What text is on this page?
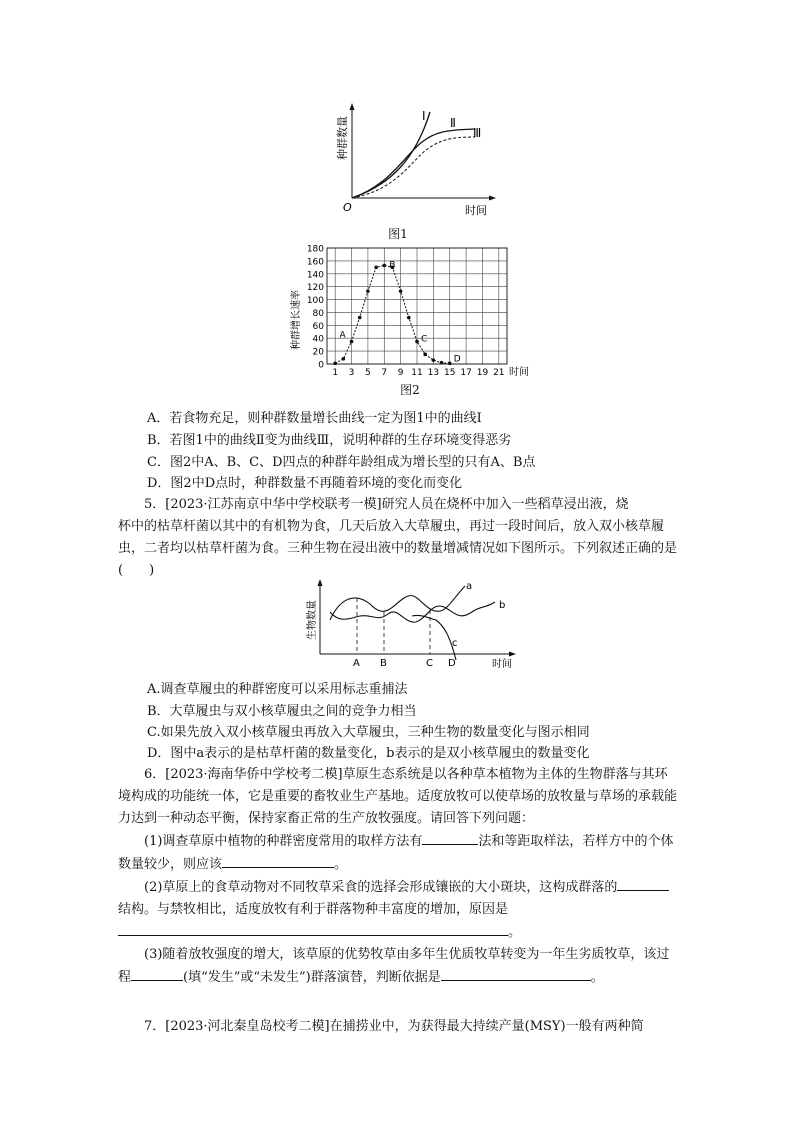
Ⅰ Ⅱ
Ⅲ
O	时间
种群数量
图1
0
20
40
60
80
100
120
140
160
180
1 3 5 7 9 11 13 15 17 19 21
A
B
C
D
时间
种群增长速率
图2
A．若食物充足，则种群数量增长曲线一定为图1中的曲线Ⅰ
B．若图1中的曲线Ⅱ变为曲线Ⅲ，说明种群的生存环境变得恶劣
C．图2中A、B、C、D四点的种群年龄组成为增长型的只有A、B点
D．图2中D点时，种群数量不再随着环境的变化而变化

5．[2023·江苏南京中华中学校联考一模]研究人员在烧杯中加入一些稻草浸出液，烧

杯中的枯草杆菌以其中的有机物为食，几天后放入大草履虫，再过一段时间后，放入双小核草履虫，二者均以枯草杆菌为食。三种生物在浸出液中的数量增减情况如下图所示。下列叙述正确的是(　　)

a
b
c
A B	C D	时间
生物数量
A.调查草履虫的种群密度可以采用标志重捕法
B．大草履虫与双小核草履虫之间的竞争力相当
C.如果先放入双小核草履虫再放入大草履虫，三种生物的数量变化与图示相同
D．图中a表示的是枯草杆菌的数量变化，b表示的是双小核草履虫的数量变化

6．[2023·海南华侨中学校考二模]草原生态系统是以各种草本植物为主体的生物群落与其环境构成的功能统一体，它是重要的畜牧业生产基地。适度放牧可以使草场的放牧量与草场的承载能力达到一种动态平衡，保持家畜正常的生产放牧强度。请回答下列问题：

(1)调查草原中植物的种群密度常用的取样方法有	法和等距取样法，若样方中的个体数量较少，则应该	。

(2)草原上的食草动物对不同牧草采食的选择会形成镶嵌的大小斑块，这构成群落的结构。与禁牧相比，适度放牧有利于群落物种丰富度的增加，原因是。

(3)随着放牧强度的增大，该草原的优势牧草由多年生优质牧草转变为一年生劣质牧草，该过程	(填“发生”或“未发生”)群落演替，判断依据是	。

7．[2023·河北秦皇岛校考二模]在捕捞业中，为获得最大持续产量(MSY)一般有两种简
